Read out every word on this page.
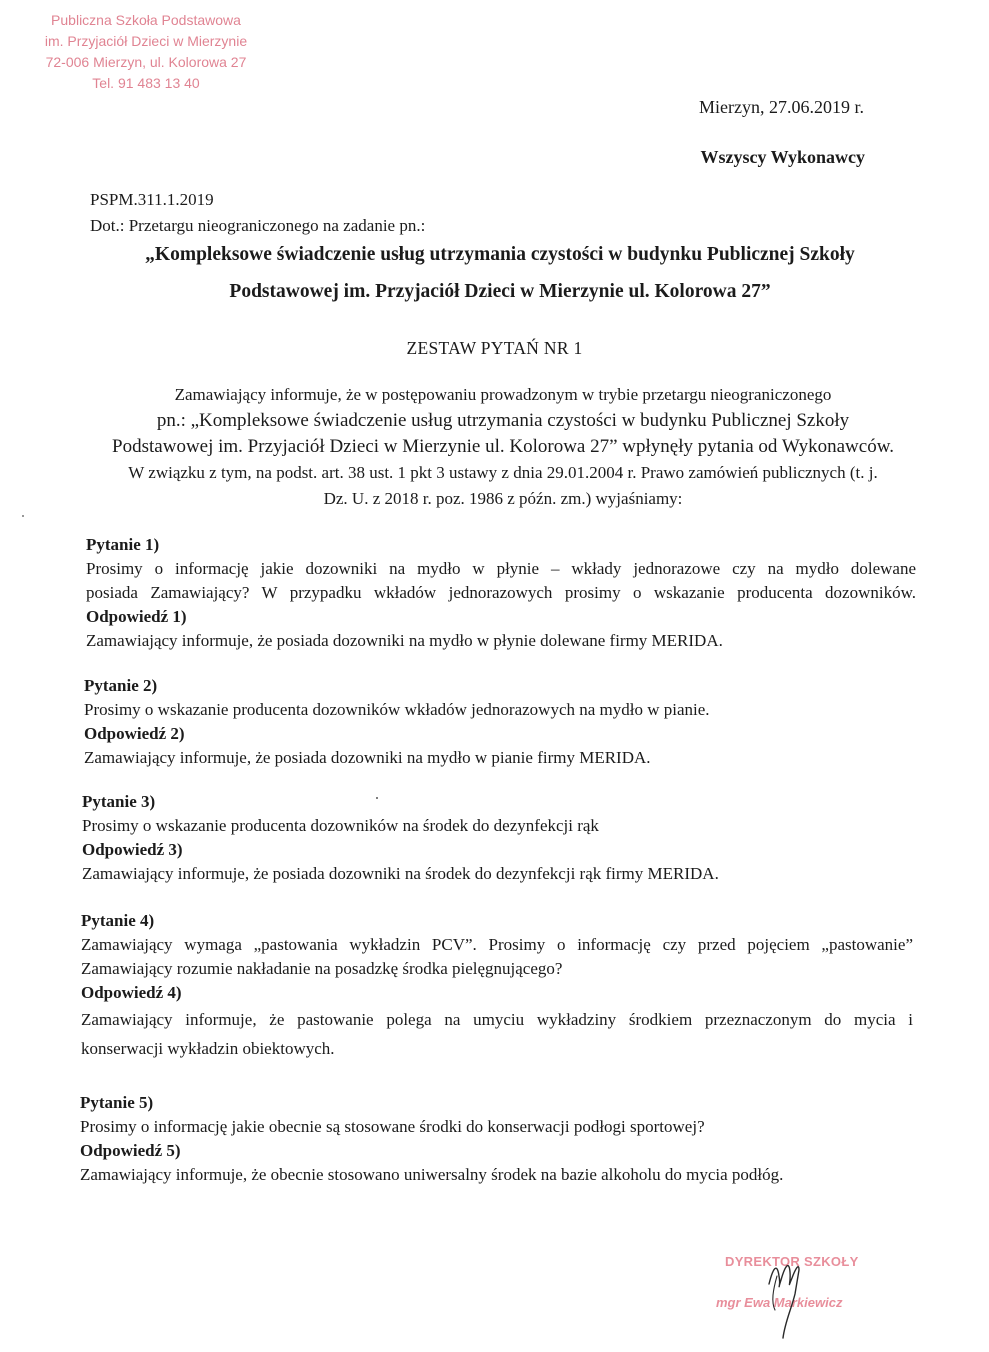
Publiczna Szkoła Podstawowa
im. Przyjaciół Dzieci w Mierzynie
72-006 Mierzyn, ul. Kolorowa 27
Tel. 91 483 13 40
Mierzyn, 27.06.2019 r.
Wszyscy Wykonawcy
PSPM.311.1.2019
Dot.: Przetargu nieograniczonego na zadanie pn.:
„Kompleksowe świadczenie usług utrzymania czystości w budynku Publicznej Szkoły
Podstawowej im. Przyjaciół Dzieci w Mierzynie ul. Kolorowa 27”
ZESTAW PYTAŃ NR 1
Zamawiający informuje, że w postępowaniu prowadzonym w trybie przetargu nieograniczonego
pn.: „Kompleksowe świadczenie usług utrzymania czystości w budynku Publicznej Szkoły
Podstawowej im. Przyjaciół Dzieci w Mierzynie ul. Kolorowa 27” wpłynęły pytania od Wykonawców.
W związku z tym, na podst. art. 38 ust. 1 pkt 3 ustawy z dnia 29.01.2004 r. Prawo zamówień publicznych (t. j.
Dz. U. z 2018 r. poz. 1986 z późn. zm.) wyjaśniamy:
Pytanie 1)
Prosimy o informację jakie dozowniki na mydło w płynie – wkłady jednorazowe czy na mydło dolewane
posiada Zamawiający? W przypadku wkładów jednorazowych prosimy o wskazanie producenta dozowników.
Odpowiedź 1)
Zamawiający informuje, że posiada dozowniki na mydło w płynie dolewane firmy MERIDA.
Pytanie 2)
Prosimy o wskazanie producenta dozowników wkładów jednorazowych na mydło w pianie.
Odpowiedź 2)
Zamawiający informuje, że posiada dozowniki na mydło w pianie firmy MERIDA.
Pytanie 3)
Prosimy o wskazanie producenta dozowników na środek do dezynfekcji rąk
Odpowiedź 3)
Zamawiający informuje, że posiada dozowniki na środek do dezynfekcji rąk firmy MERIDA.
Pytanie 4)
Zamawiający wymaga „pastowania wykładzin PCV”. Prosimy o informację czy przed pojęciem „pastowanie”
Zamawiający rozumie nakładanie na posadzkę środka pielęgnującego?
Odpowiedź 4)
Zamawiający informuje, że pastowanie polega na umyciu wykładziny środkiem przeznaczonym do mycia i
konserwacji wykładzin obiektowych.
Pytanie 5)
Prosimy o informację jakie obecnie są stosowane środki do konserwacji podłogi sportowej?
Odpowiedź 5)
Zamawiający informuje, że obecnie stosowano uniwersalny środek na bazie alkoholu do mycia podłóg.
DYREKTOR SZKOŁY
mgr Ewa Markiewicz
